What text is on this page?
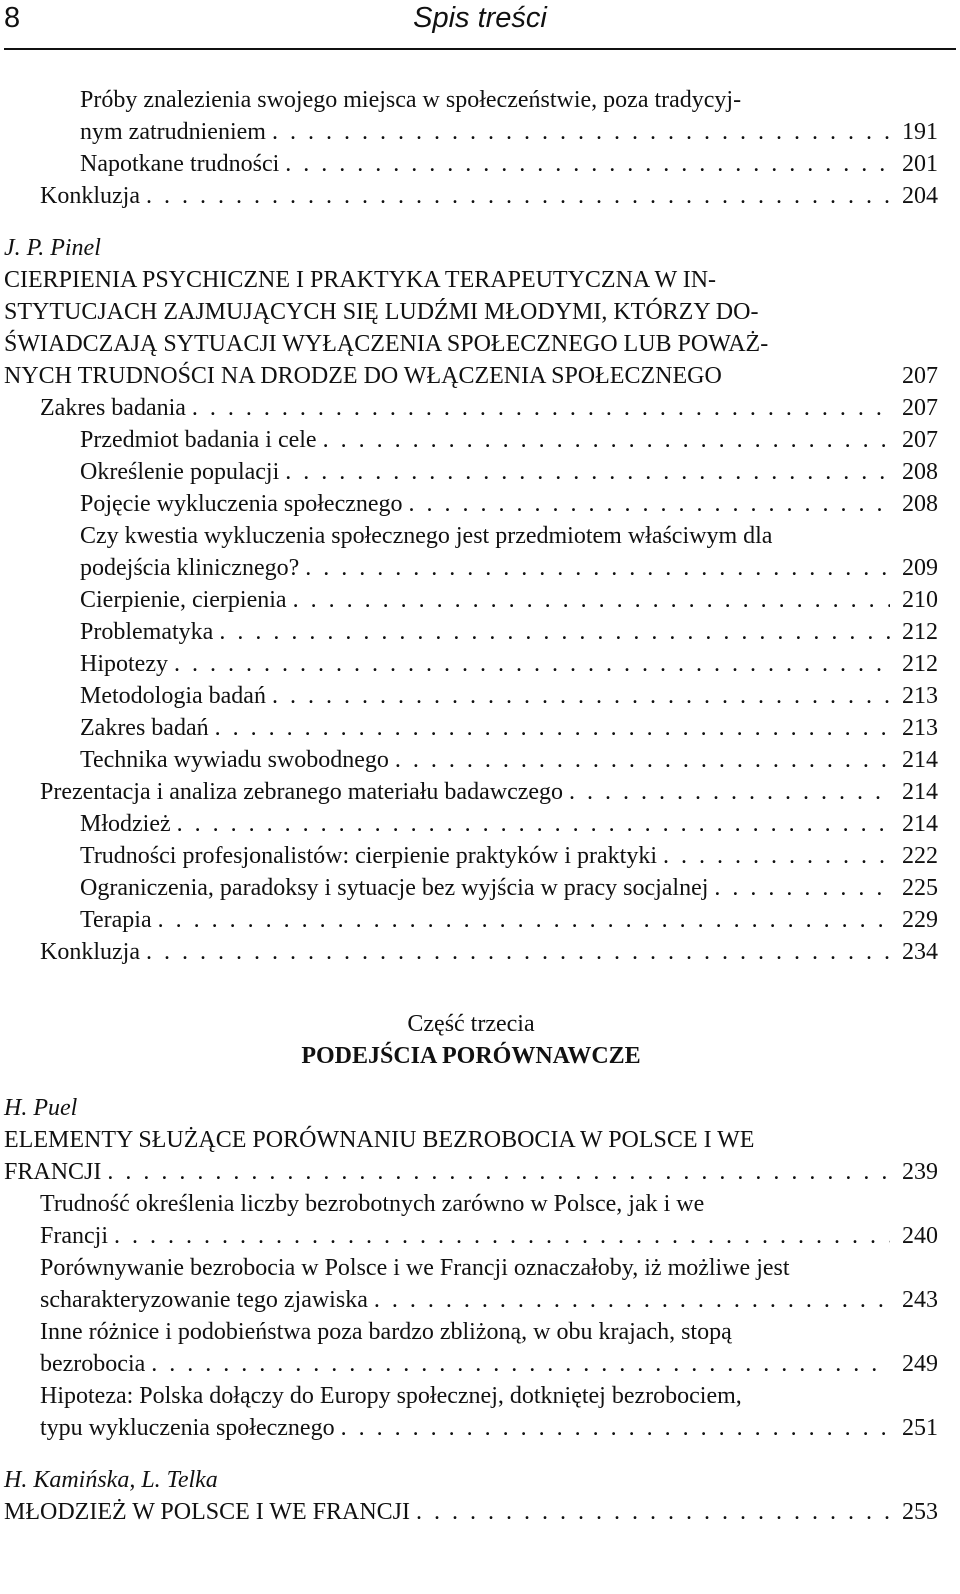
8	Spis treści
Próby znalezienia swojego miejsca w społeczeństwie, poza tradycyj-
nym zatrudnieniem . . .	191
Napotkane trudności . . .	201
Konkluzja . . .	204
J. P. Pinel
CIERPIENIA PSYCHICZNE I PRAKTYKA TERAPEUTYCZNA W IN-
STYTUCJACH ZAJMUJĄCYCH SIĘ LUDŹMI MŁODYMI, KTÓRZY DO-
ŚWIADCZAJĄ SYTUACJI WYŁĄCZENIA SPOŁECZNEGO LUB POWAŻ-
NYCH TRUDNOŚCI NA DRODZE DO WŁĄCZENIA SPOŁECZNEGO	207
Zakres badania . . .	207
Przedmiot badania i cele . . .	207
Określenie populacji . . .	208
Pojęcie wykluczenia społecznego . . .	208
Czy kwestia wykluczenia społecznego jest przedmiotem właściwym dla
podejścia klinicznego? . . .	209
Cierpienie, cierpienia . . .	210
Problematyka . . .	212
Hipotezy . . .	212
Metodologia badań . . .	213
Zakres badań . . .	213
Technika wywiadu swobodnego . . .	214
Prezentacja i analiza zebranego materiału badawczego . . .	214
Młodzież . . .	214
Trudności profesjonalistów: cierpienie praktyków i praktyki . . .	222
Ograniczenia, paradoksy i sytuacje bez wyjścia w pracy socjalnej . . .	225
Terapia . . .	229
Konkluzja . . .	234
Część trzecia
PODEJŚCIA PORÓWNAWCZE
H. Puel
ELEMENTY SŁUŻĄCE PORÓWNANIU BEZROBOCIA W POLSCE I WE
FRANCJI . . .	239
Trudność określenia liczby bezrobotnych zarówno w Polsce, jak i we
Francji . . .	240
Porównywanie bezrobocia w Polsce i we Francji oznaczałoby, iż możliwe jest
scharakteryzowanie tego zjawiska . . .	243
Inne różnice i podobieństwa poza bardzo zbliżoną, w obu krajach, stopą
bezrobocia . . .	249
Hipoteza: Polska dołączy do Europy społecznej, dotkniętej bezrobociem,
typu wykluczenia społecznego . . .	251
H. Kamińska, L. Telka
MŁODZIEŻ W POLSCE I WE FRANCJI . . .	253
